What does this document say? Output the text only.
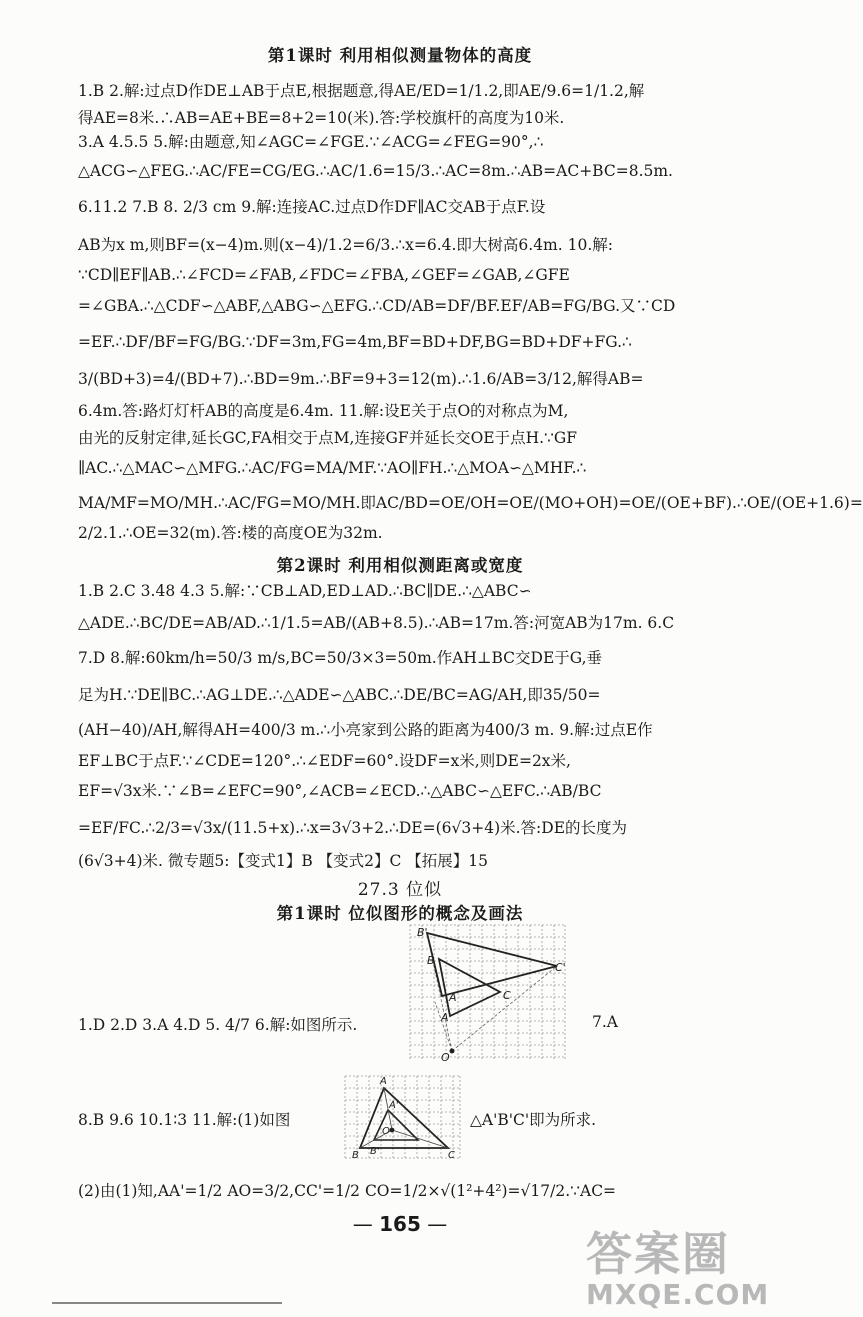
第1课时 利用相似测量物体的高度
1.B 2.解:过点D作DE⊥AB于点E,根据题意,得AE/ED=1/1.2,即AE/9.6=1/1.2,解
得AE=8米.∴AB=AE+BE=8+2=10(米).答:学校旗杆的高度为10米.
3.A 4.5.5 5.解:由题意,知∠AGC=∠FGE.∵∠ACG=∠FEG=90°,∴
△ACG∽△FEG.∴AC/FE=CG/EG.∴AC/1.6=15/3.∴AC=8m.∴AB=AC+BC=8.5m.
6.11.2 7.B 8. 2/3 cm 9.解:连接AC.过点D作DF∥AC交AB于点F.设
AB为x m,则BF=(x−4)m.则(x−4)/1.2=6/3.∴x=6.4.即大树高6.4m. 10.解:
∵CD∥EF∥AB.∴∠FCD=∠FAB,∠FDC=∠FBA,∠GEF=∠GAB,∠GFE
=∠GBA.∴△CDF∽△ABF,△ABG∽△EFG.∴CD/AB=DF/BF.EF/AB=FG/BG.又∵CD
=EF.∴DF/BF=FG/BG.∵DF=3m,FG=4m,BF=BD+DF,BG=BD+DF+FG.∴
3/(BD+3)=4/(BD+7).∴BD=9m.∴BF=9+3=12(m).∴1.6/AB=3/12,解得AB=
6.4m.答:路灯灯杆AB的高度是6.4m. 11.解:设E关于点O的对称点为M,
由光的反射定律,延长GC,FA相交于点M,连接GF并延长交OE于点H.∵GF
∥AC.∴△MAC∽△MFG.∴AC/FG=MA/MF.∵AO∥FH.∴△MOA∽△MHF.∴
MA/MF=MO/MH.∴AC/FG=MO/MH.即AC/BD=OE/OH=OE/(MO+OH)=OE/(OE+BF).∴OE/(OE+1.6)=
2/2.1.∴OE=32(m).答:楼的高度OE为32m.
第2课时 利用相似测距离或宽度
1.B 2.C 3.48 4.3 5.解:∵CB⊥AD,ED⊥AD.∴BC∥DE.∴△ABC∽
△ADE.∴BC/DE=AB/AD.∴1/1.5=AB/(AB+8.5).∴AB=17m.答:河宽AB为17m. 6.C
7.D 8.解:60km/h=50/3 m/s,BC=50/3×3=50m.作AH⊥BC交DE于G,垂
足为H.∵DE∥BC.∴AG⊥DE.∴△ADE∽△ABC.∴DE/BC=AG/AH,即35/50=
(AH−40)/AH,解得AH=400/3 m.∴小亮家到公路的距离为400/3 m. 9.解:过点E作
EF⊥BC于点F.∵∠CDE=120°.∴∠EDF=60°.设DF=x米,则DE=2x米,
EF=√3x米.∵∠B=∠EFC=90°,∠ACB=∠ECD.∴△ABC∽△EFC.∴AB/BC
=EF/FC.∴2/3=√3x/(11.5+x).∴x=3√3+2.∴DE=(6√3+4)米.答:DE的长度为
(6√3+4)米. 微专题5:【变式1】B 【变式2】C 【拓展】15
27.3 位似
第1课时 位似图形的概念及画法
B'
C'
B
A	C
A'
O
1.D 2.D 3.A 4.D 5. 4/7 6.解:如图所示.	7.A
A
A'
O
B B'	C
8.B 9.6 10.1∶3 11.解:(1)如图	△A'B'C'即为所求.
(2)由(1)知,AA'=1/2 AO=3/2,CC'=1/2 CO=1/2×√(1²+4²)=√17/2.∵AC=
— 165 —
答案圈
MXQE.COM
